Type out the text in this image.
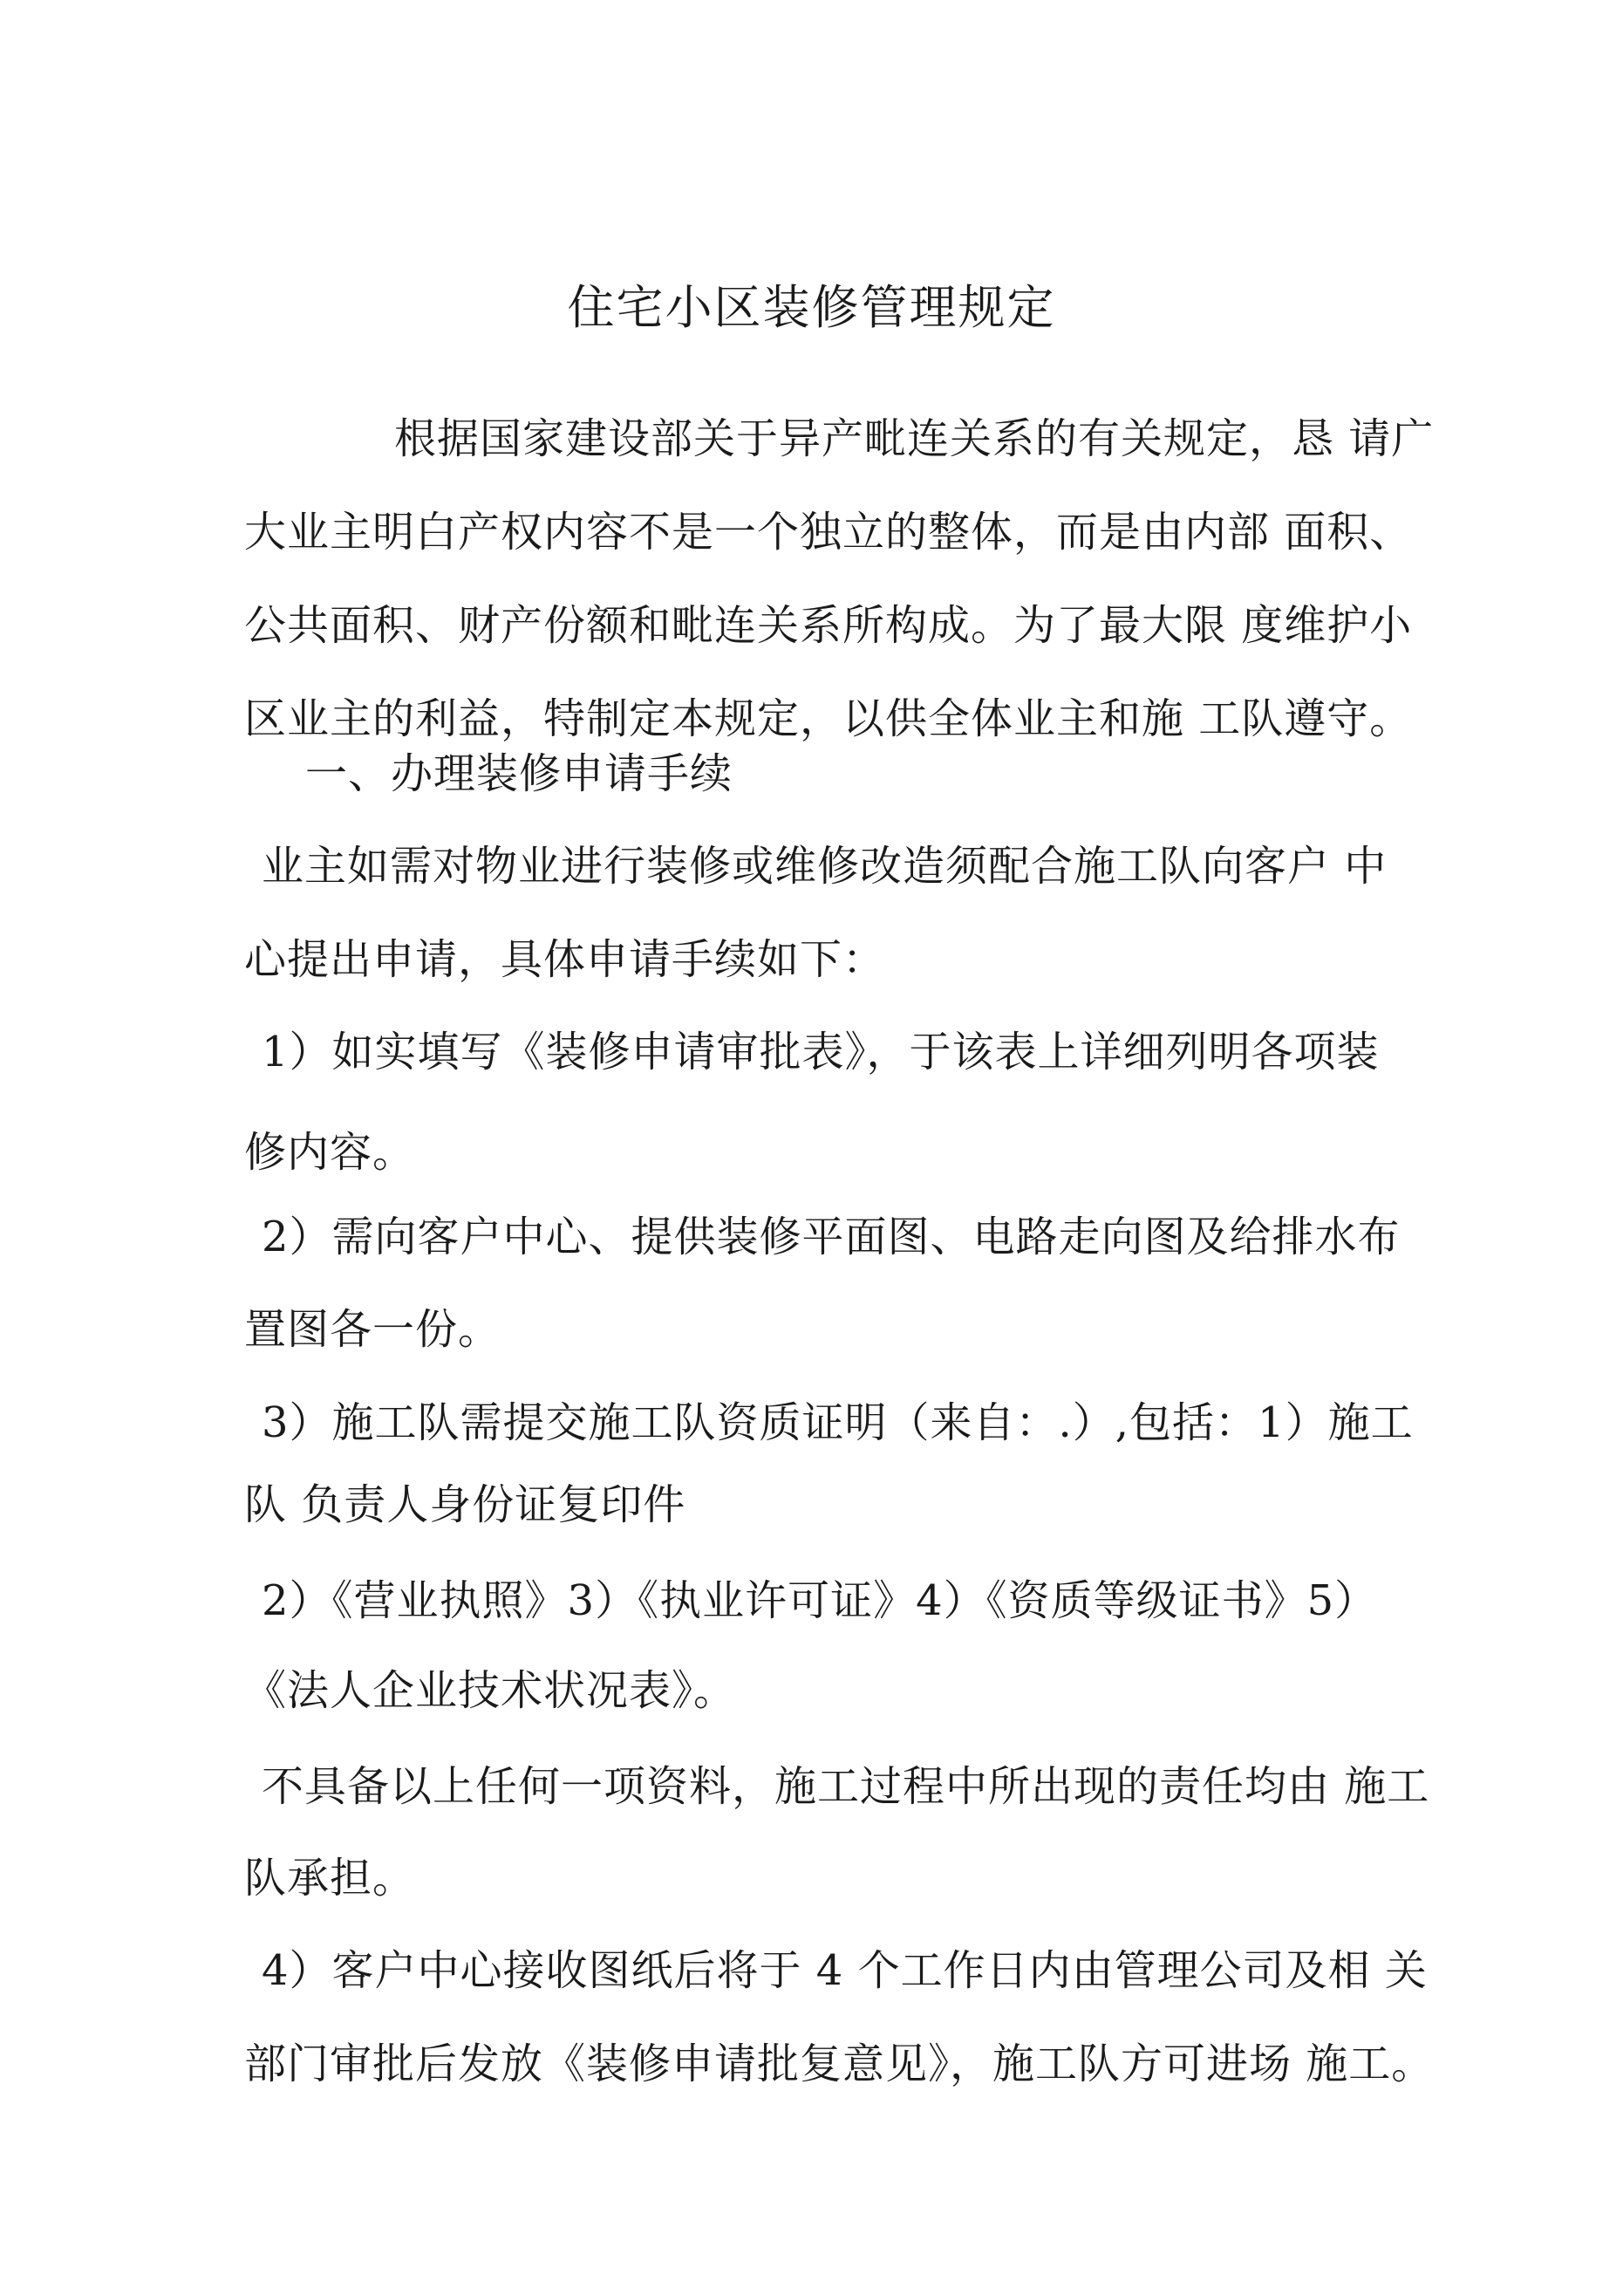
住宅小区装修管理规定
根据国家建设部关于异产毗连关系的有关规定，恳 请广
大业主明白产权内容不是一个独立的整体，而是由内部 面积、
公共面积、财产份额和毗连关系所构成。为了最大限 度维护小
区业主的利益，特制定本规定，以供全体业主和施 工队遵守。
一、办理装修申请手续
业主如需对物业进行装修或维修改造须配合施工队向客户 中
心提出申请，具体申请手续如下：
1）如实填写《装修申请审批表》，于该表上详细列明各项装
修内容。
2）需向客户中心、提供装修平面图、电路走向图及给排水布
置图各一份。
3）施工队需提交施工队资质证明（来自：.）,包括：1）施工
队 负责人身份证复印件
2）《营业执照》3）《执业许可证》4）《资质等级证书》5）
《法人企业技术状况表》。
不具备以上任何一项资料，施工过程中所出现的责任均由 施工
队承担。
4）客户中心接收图纸后将于 4 个工作日内由管理公司及相 关
部门审批后发放《装修申请批复意见》，施工队方可进场 施工。
